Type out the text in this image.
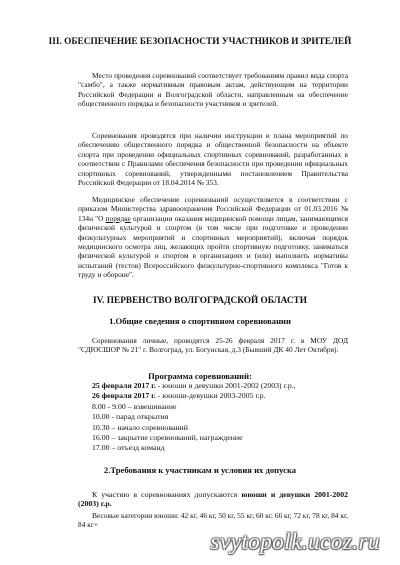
III. ОБЕСПЕЧЕНИЕ БЕЗОПАСНОСТИ УЧАСТНИКОВ И ЗРИТЕЛЕЙ
Место проведения соревнований соответствует требованиям правил вида спорта "самбо", а также нормативным правовым актам, действующим на территории Российской Федерации и Волгоградской области, направленным на обеспечение общественного порядка и безопасности участников и зрителей.
Соревнования проводятся при наличии инструкции и плана мероприятий по обеспечению общественного порядка и общественной безопасности на объекте спорта при проведении официальных спортивных соревнований, разработанных в соответствии с Правилами обеспечения безопасности при проведении официальных спортивных соревнований, утвержденными постановлением Правительства Российской Федерации от 18.04.2014 № 353.
Медицинское обеспечение соревнований осуществляется в соответствии с приказом Министерства здравоохранения Российской Федерации от 01.03.2016 № 134н "О порядке организации оказания медицинской помощи лицам, занимающимся физической культурой и спортом (в том числе при подготовке и проведении физкультурных мероприятий и спортивных мероприятий), включая порядок медицинского осмотра лиц, желающих пройти спортивную подготовку, заниматься физической культурой и спортом в организациях и (или) выполнить нормативы испытаний (тестов) Всероссийского физкультурно-спортивного комплекса "Готов к труду и обороне".
IV. ПЕРВЕНСТВО ВОЛГОГРАДСКОЙ ОБЛАСТИ
1.Общие сведения о спортивном соревновании
Соревнования личные, проводятся 25-26 февраля 2017 г. в МОУ ДОД "СДЮСШОР № 21" г. Волгоград, ул. Богунская, д.3 (Бывший ДК 40 Лет Октября).
Программа соревнований:
25 февраля 2017 г. - юноши и девушки 2001-2002 (2003) г.р.,
26 февраля 2017 г. - юноши-девушки 2003-2005 г.р.
8.00 - 9.00 – взвешивание
10.00 - парад открытия
10.30 – начало соревнований
16.00 – закрытие соревнований, награждение
17.00 – отъезд команд
2.Требования к участникам и условия их допуска
К участию в соревнованиях допускаются юноши и девушки 2001-2002 (2003) г.р.
Весовые категории юноши: 42 кг, 46 кг, 50 кг, 55 кг, 60 кг, 66 кг, 72 кг, 78 кг, 84 кг, 84 кг+
svytopolk.ucoz.ru
